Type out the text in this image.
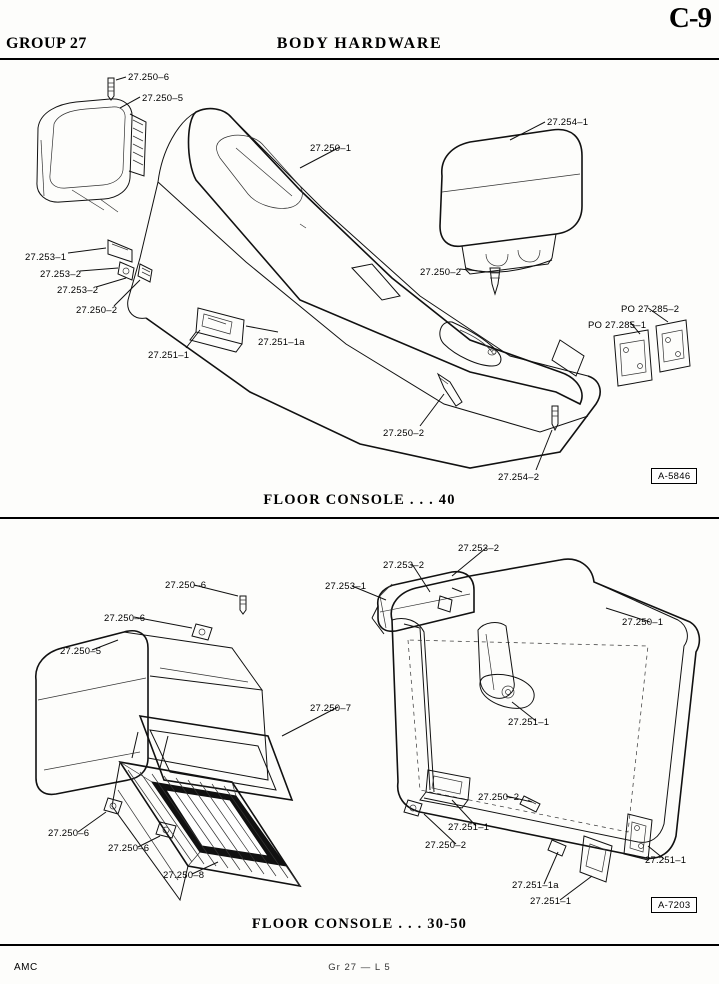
C-9
GROUP 27	BODY HARDWARE
27.250–6
27.250–5
27.250–1
27.254–1
27.253–1
27.253–2
27.253–2
27.250–2
27.250–2
27.251–1
27.251–1a
PO 27.285–2
PO 27.285–1
27.250–2
27.254–2
27.253–2
27.253–2
27.253–1
27.250–6
27.250–6
27.250–5
27.250–1
27.250–7
27.251–1
27.250–2
27.251–1
27.250–2
27.250–6
27.250–6
27.250–8
27.251–1a
27.251–1
27.251–1
FLOOR CONSOLE . . . 40
A-5846
FLOOR CONSOLE . . . 30-50
A-7203
AMC	Gr 27 — L 5
